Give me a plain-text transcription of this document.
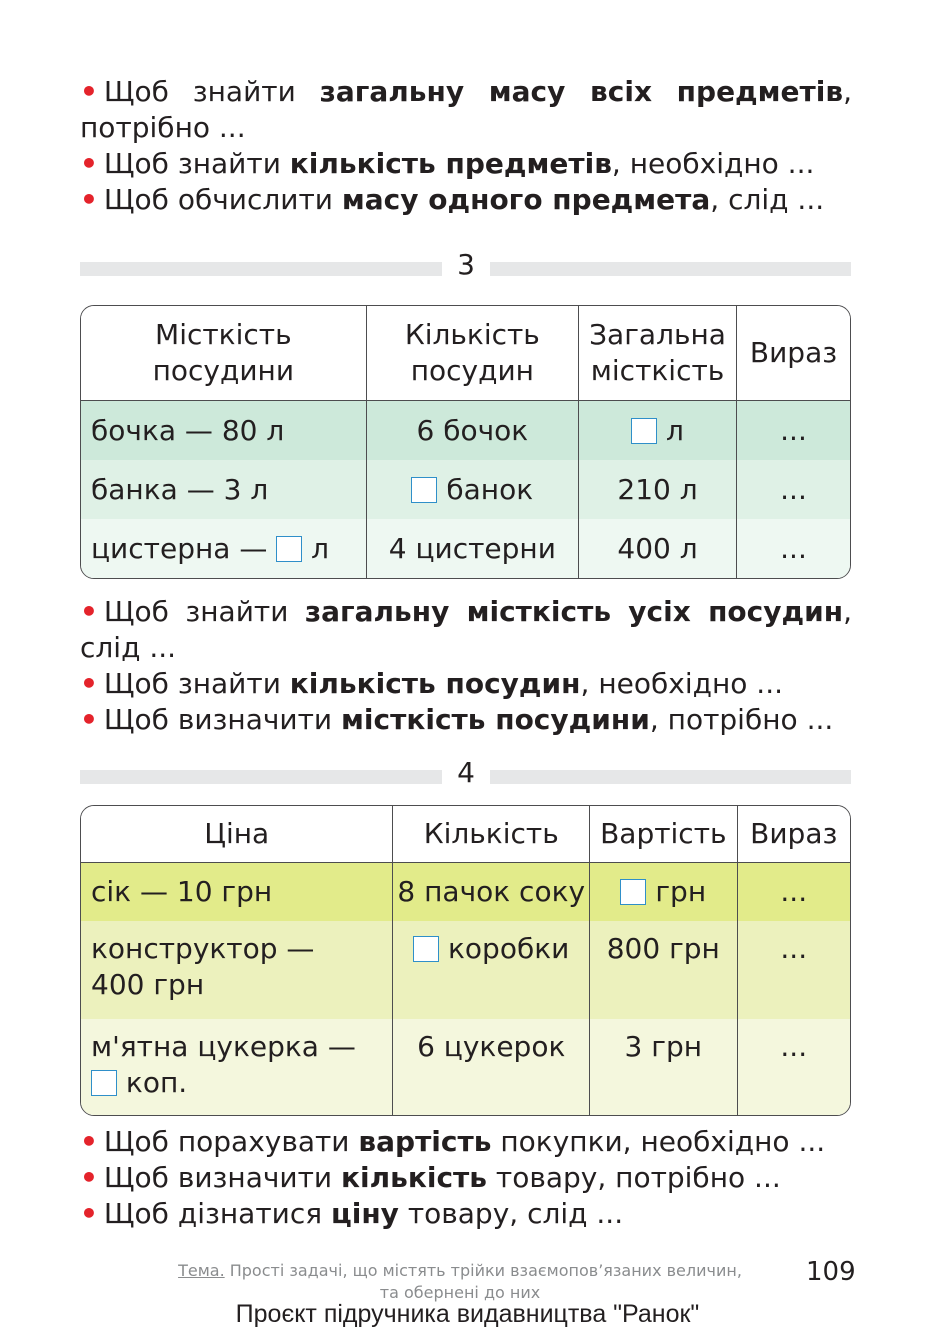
• Щоб знайти загальну масу всіх предметів, потрібно ...

• Щоб знайти кількість предметів, необхідно ...

• Щоб обчислити масу одного предмета, слід ...

3
Місткість посудини	Кількість посудин	Загальна місткість	Вираз
бочка — 80 л	6 бочок	л	...
банка — 3 л	банок	210 л	...
цистерна —  л	4 цистерни	400 л	...

• Щоб знайти загальну місткість усіх посудин, слід ...

• Щоб знайти кількість посудин, необхідно ...

• Щоб визначити місткість посудини, потрібно ...

4
Ціна	Кількість	Вартість	Вираз
сік — 10 грн	8 пачок соку	грн	...

конструктор —
400 грн	коробки	800 грн	...

м'ятна цукерка —
коп.	6 цукерок	3 грн	...

• Щоб порахувати вартість покупки, необхідно ...

• Щоб визначити кількість товару, потрібно ...

• Щоб дізнатися ціну товару, слід ...

Тема. Прості задачі, що містять трійки взаємопов’язаних величин,
та обернені до них
109
Проєкт підручника видавництва "Ранок"
